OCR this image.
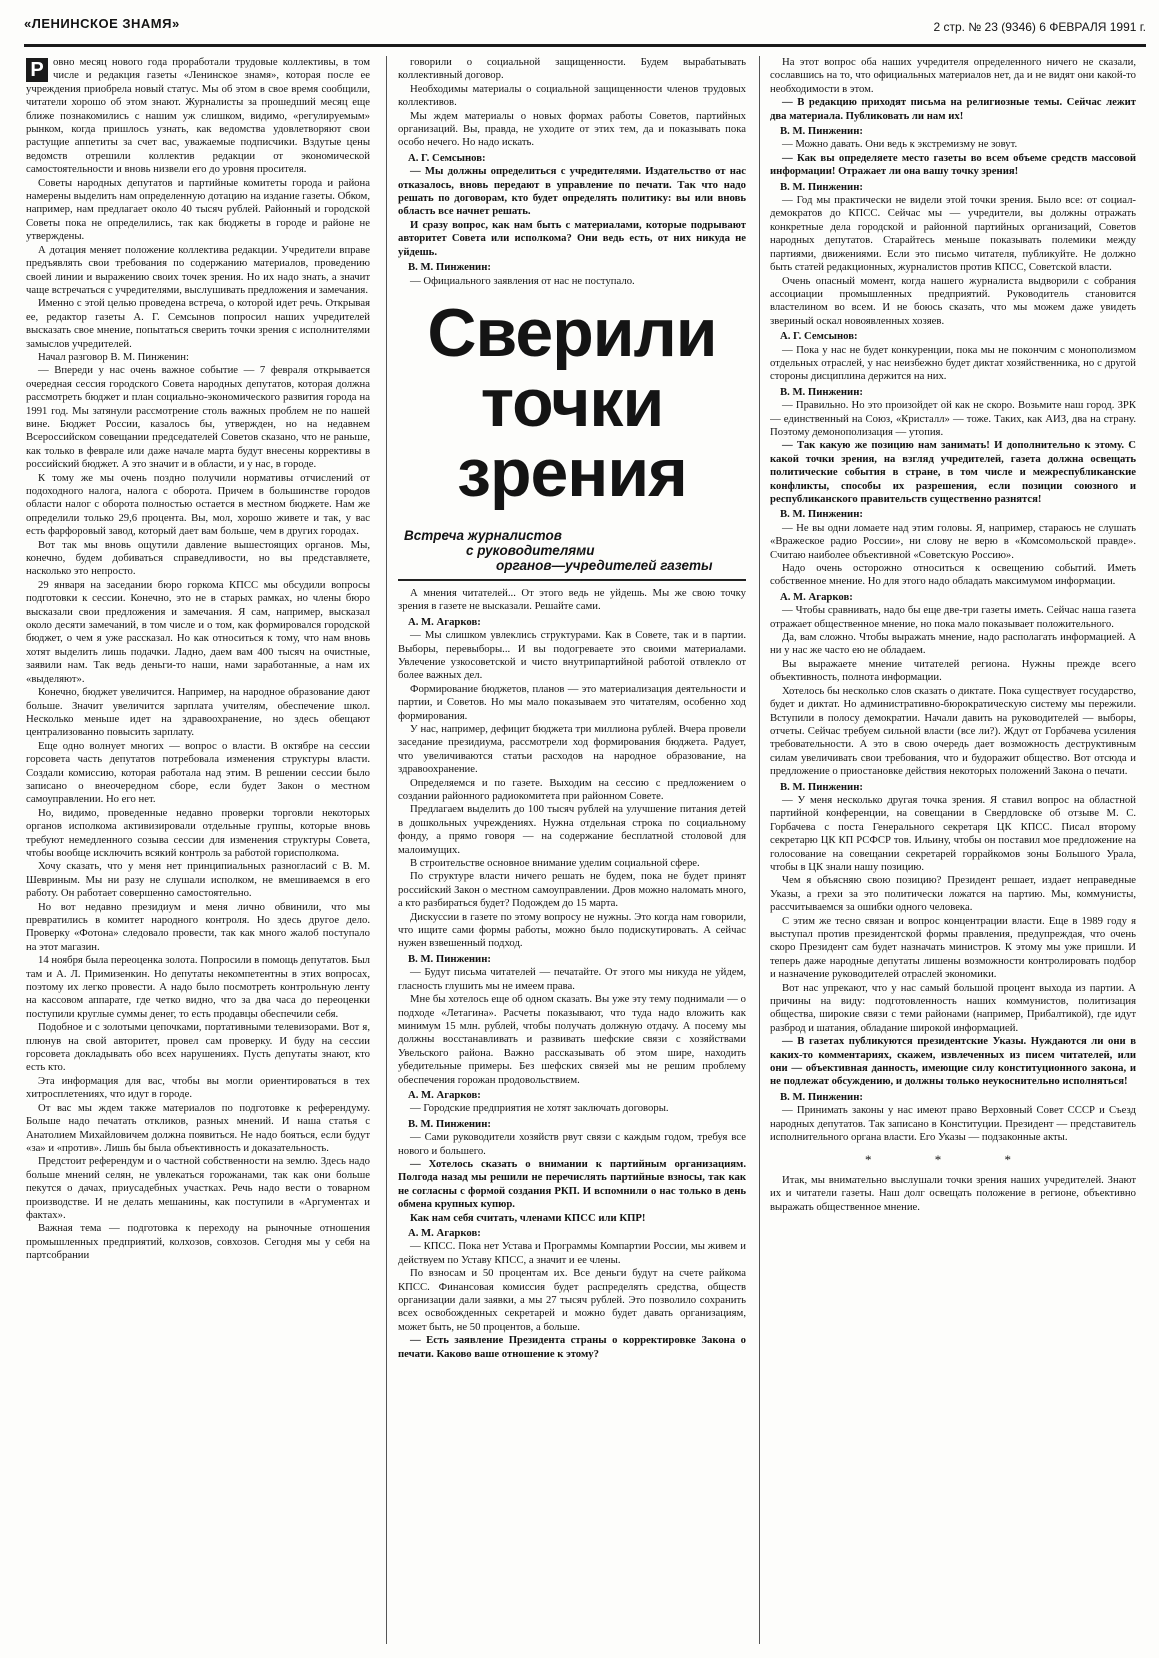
«ЛЕНИНСКОЕ ЗНАМЯ»	2 стр. № 23 (9346) 6 ФЕВРАЛЯ 1991 г.

Р овно месяц нового года проработали трудовые коллективы, в том числе и редакция газеты «Ленинское знамя», которая после ее учреждения приобрела новый статус. Мы об этом в свое время сообщили, читатели хорошо об этом знают. Журналисты за прошедший месяц еще ближе познакомились с нашим уж слишком, видимо, «регулируемым» рынком, когда пришлось узнать, как ведомства удовлетворяют свои растущие аппетиты за счет вас, уважаемые подписчики. Вздутые цены ведомств отрешили коллектив редакции от экономической самостоятельности и вновь низвели его до уровня просителя.

Советы народных депутатов и партийные комитеты города и района намерены выделить нам определенную дотацию на издание газеты. Обком, например, нам предлагает около 40 тысяч рублей. Районный и городской Советы пока не определились, так как бюджеты в городе и районе не утверждены.

А дотация меняет положение коллектива редакции. Учредители вправе предъявлять свои требования по содержанию материалов, проведению своей линии и выражению своих точек зрения. Но их надо знать, а значит чаще встречаться с учредителями, выслушивать предложения и замечания.

Именно с этой целью проведена встреча, о которой идет речь. Открывая ее, редактор газеты А. Г. Семсынов попросил наших учредителей высказать свое мнение, попытаться сверить точки зрения с исполнителями замыслов учредителей.

Начал разговор В. М. Пинженин:

— Впереди у нас очень важное событие — 7 февраля открывается очередная сессия городского Совета народных депутатов, которая должна рассмотреть бюджет и план социально-экономического развития города на 1991 год. Мы затянули рассмотрение столь важных проблем не по нашей вине. Бюджет России, казалось бы, утвержден, но на недавнем Всероссийском совещании председателей Советов сказано, что не раньше, как только в феврале или даже начале марта будут внесены коррективы в российский бюджет. А это значит и в области, и у нас, в городе.

К тому же мы очень поздно получили нормативы отчислений от подоходного налога, налога с оборота. Причем в большинстве городов области налог с оборота полностью остается в местном бюджете. Нам же определили только 29,6 процента. Вы, мол, хорошо живете и так, у вас есть фарфоровый завод, который дает вам больше, чем в других городах.

Вот так мы вновь ощутили давление вышестоящих органов. Мы, конечно, будем добиваться справедливости, но вы представляете, насколько это непросто.

29 января на заседании бюро горкома КПСС мы обсудили вопросы подготовки к сессии. Конечно, это не в старых рамках, но члены бюро высказали свои предложения и замечания. Я сам, например, высказал около десяти замечаний, в том числе и о том, как формировался городской бюджет, о чем я уже рассказал. Но как относиться к тому, что нам вновь хотят выделить лишь подачки. Ладно, даем вам 400 тысяч на очистные, заявили нам. Так ведь деньги-то наши, нами заработанные, а нам их «выделяют».

Конечно, бюджет увеличится. Например, на народное образование дают больше. Значит увеличится зарплата учителям, обеспечение школ. Несколько меньше идет на здравоохранение, но здесь обещают централизованно повысить зарплату.

Еще одно волнует многих — вопрос о власти. В октябре на сессии горсовета часть депутатов потребовала изменения структуры власти. Создали комиссию, которая работала над этим. В решении сессии было записано о внеочередном сборе, если будет Закон о местном самоуправлении. Но его нет.

Но, видимо, проведенные недавно проверки торговли некоторых органов исполкома активизировали отдельные группы, которые вновь требуют немедленного созыва сессии для изменения структуры Совета, чтобы вообще исключить всякий контроль за работой горисполкома.

Хочу сказать, что у меня нет принципиальных разногласий с В. М. Шевриным. Мы ни разу не слушали исполком, не вмешиваемся в его работу. Он работает совершенно самостоятельно.

Но вот недавно президиум и меня лично обвинили, что мы превратились в комитет народного контроля. Но здесь другое дело. Проверку «Фотона» следовало провести, так как много жалоб поступало на этот магазин.

14 ноября была переоценка золота. Попросили в помощь депутатов. Был там и А. Л. Примизенкин. Но депутаты некомпетентны в этих вопросах, поэтому их легко провести. А надо было посмотреть контрольную ленту на кассовом аппарате, где четко видно, что за два часа до переоценки поступили круглые суммы денег, то есть продавцы обеспечили себя.

Подобное и с золотыми цепочками, портативными телевизорами. Вот я, плюнув на свой авторитет, провел сам проверку. И буду на сессии горсовета докладывать обо всех нарушениях. Пусть депутаты знают, кто есть кто.

Эта информация для вас, чтобы вы могли ориентироваться в тех хитросплетениях, что идут в городе.

От вас мы ждем также материалов по подготовке к референдуму. Больше надо печатать откликов, разных мнений. И наша статья с Анатолием Михайловичем должна появиться. Не надо бояться, если будут «за» и «против». Лишь бы была объективность и доказательность.

Предстоит референдум и о частной собственности на землю. Здесь надо больше мнений селян, не увлекаться горожанами, так как они больше пекутся о дачах, приусадебных участках. Речь надо вести о товарном производстве. И не делать мешанины, как поступили в «Аргументах и фактах».

Важная тема — подготовка к переходу на рыночные отношения промышленных предприятий, колхозов, совхозов. Сегодня мы у себя на партсобрании

говорили о социальной защищенности. Будем вырабатывать коллективный договор.

Необходимы материалы о социальной защищенности членов трудовых коллективов.

Мы ждем материалы о новых формах работы Советов, партийных организаций. Вы, правда, не уходите от этих тем, да и показывать пока особо нечего. Но надо искать.

А. Г. Семсынов:

— Мы должны определиться с учредителями. Издательство от нас отказалось, вновь передают в управление по печати. Так что надо решать по договорам, кто будет определять политику: вы или вновь область все начнет решать.

И сразу вопрос, как нам быть с материалами, которые подрывают авторитет Совета или исполкома? Они ведь есть, от них никуда не уйдешь.

В. М. Пинженин:

— Официального заявления от нас не поступало.

Сверили точки зрения
Встреча журналистов
с руководителями
органов—учредителей газеты

А мнения читателей... От этого ведь не уйдешь. Мы же свою точку зрения в газете не высказали. Решайте сами.

А. М. Агарков:

— Мы слишком увлеклись структурами. Как в Совете, так и в партии. Выборы, перевыборы... И вы подогреваете это своими материалами. Увлечение узкосоветской и чисто внутрипартийной работой отвлекло от более важных дел.

Формирование бюджетов, планов — это материализация деятельности и партии, и Советов. Но мы мало показываем это читателям, особенно ход формирования.

У нас, например, дефицит бюджета три миллиона рублей. Вчера провели заседание президиума, рассмотрели ход формирования бюджета. Радует, что увеличиваются статьи расходов на народное образование, на здравоохранение.

Определяемся и по газете. Выходим на сессию с предложением о создании районного радиокомитета при районном Совете.

Предлагаем выделить до 100 тысяч рублей на улучшение питания детей в дошкольных учреждениях. Нужна отдельная строка по социальному фонду, а прямо говоря — на содержание бесплатной столовой для малоимущих.

В строительстве основное внимание уделим социальной сфере.

По структуре власти ничего решать не будем, пока не будет принят российский Закон о местном самоуправлении. Дров можно наломать много, а кто разбираться будет? Подождем до 15 марта.

Дискуссии в газете по этому вопросу не нужны. Это когда нам говорили, что ищите сами формы работы, можно было подискутировать. А сейчас нужен взвешенный подход.

В. М. Пинженин:

— Будут письма читателей — печатайте. От этого мы никуда не уйдем, гласность глушить мы не имеем права.

Мне бы хотелось еще об одном сказать. Вы уже эту тему поднимали — о подходе «Летагина». Расчеты показывают, что туда надо вложить как минимум 15 млн. рублей, чтобы получать должную отдачу. А посему мы должны восстанавливать и развивать шефские связи с хозяйствами Увельского района. Важно рассказывать об этом шире, находить убедительные примеры. Без шефских связей мы не решим проблему обеспечения горожан продовольствием.

А. М. Агарков:

— Городские предприятия не хотят заключать договоры.

В. М. Пинженин:

— Сами руководители хозяйств рвут связи с каждым годом, требуя все нового и большего.

— Хотелось сказать о внимании к партийным организациям. Полгода назад мы решили не перечислять партийные взносы, так как не согласны с формой создания РКП. И вспомнили о нас только в день обмена крупных купюр.

Как нам себя считать, членами КПСС или КПР!

А. М. Агарков:

— КПСС. Пока нет Устава и Программы Компартии России, мы живем и действуем по Уставу КПСС, а значит и ее члены.

По взносам и 50 процентам их. Все деньги будут на счете райкома КПСС. Финансовая комиссия будет распределять средства, обществ организации дали заявки, а мы 27 тысяч рублей. Это позволило сохранить всех освобожденных секретарей и можно будет давать организациям, может быть, не 50 процентов, а больше.

— Есть заявление Президента страны о корректировке Закона о печати. Каково ваше отношение к этому?

На этот вопрос оба наших учредителя определенного ничего не сказали, сославшись на то, что официальных материалов нет, да и не видят они какой-то необходимости в этом.

— В редакцию приходят письма на религиозные темы. Сейчас лежит два материала. Публиковать ли нам их!

В. М. Пинженин:

— Можно давать. Они ведь к экстремизму не зовут.

— Как вы определяете место газеты во всем объеме средств массовой информации! Отражает ли она вашу точку зрения!

В. М. Пинженин:

— Год мы практически не видели этой точки зрения. Было все: от социал-демократов до КПСС. Сейчас мы — учредители, вы должны отражать конкретные дела городской и районной партийных организаций, Советов народных депутатов. Старайтесь меньше показывать полемики между партиями, движениями. Если это письмо читателя, публикуйте. Не должно быть статей редакционных, журналистов против КПСС, Советской власти.

Очень опасный момент, когда нашего журналиста выдворили с собрания ассоциации промышленных предприятий. Руководитель становится властелином во всем. И не боюсь сказать, что мы можем даже увидеть звериный оскал новоявленных хозяев.

А. Г. Семсынов:

— Пока у нас не будет конкуренции, пока мы не покончим с монополизмом отдельных отраслей, у нас неизбежно будет диктат хозяйственника, но с другой стороны дисциплина держится на них.

В. М. Пинженин:

— Правильно. Но это произойдет ой как не скоро. Возьмите наш город. ЗРК — единственный на Союз, «Кристалл» — тоже. Таких, как АИЗ, два на страну. Поэтому демонополизация — утопия.

— Так какую же позицию нам занимать! И дополнительно к этому. С какой точки зрения, на взгляд учредителей, газета должна освещать политические события в стране, в том числе и межреспубликанские конфликты, способы их разрешения, если позиции союзного и республиканского правительств существенно разнятся!

В. М. Пинженин:

— Не вы одни ломаете над этим головы. Я, например, стараюсь не слушать «Вражеское радио России», ни слову не верю в «Комсомольской правде». Считаю наиболее объективной «Советскую Россию».

Надо очень осторожно относиться к освещению событий. Иметь собственное мнение. Но для этого надо обладать максимумом информации.

А. М. Агарков:

— Чтобы сравнивать, надо бы еще две-три газеты иметь. Сейчас наша газета отражает общественное мнение, но пока мало показывает положительного.

Да, вам сложно. Чтобы выражать мнение, надо располагать информацией. А ни у нас же часто ею не обладаем.

Вы выражаете мнение читателей региона. Нужны прежде всего объективность, полнота информации.

Хотелось бы несколько слов сказать о диктате. Пока существует государство, будет и диктат. Но административно-бюрократическую систему мы пережили. Вступили в полосу демократии. Начали давить на руководителей — выборы, отчеты. Сейчас требуем сильной власти (все ли?). Ждут от Горбачева усиления требовательности. А это в свою очередь дает возможность деструктивным силам увеличивать свои требования, что и будоражит общество. Вот отсюда и предложение о приостановке действия некоторых положений Закона о печати.

В. М. Пинженин:

— У меня несколько другая точка зрения. Я ставил вопрос на областной партийной конференции, на совещании в Свердловске об отзыве М. С. Горбачева с поста Генерального секретаря ЦК КПСС. Писал второму секретарю ЦК КП РСФСР тов. Ильину, чтобы он поставил мое предложение на голосование на совещании секретарей горрайкомов зоны Большого Урала, чтобы в ЦК знали нашу позицию.

Чем я объясняю свою позицию? Президент решает, издает неправедные Указы, а грехи за это политически ложатся на партию. Мы, коммунисты, рассчитываемся за ошибки одного человека.

С этим же тесно связан и вопрос концентрации власти. Еще в 1989 году я выступал против президентской формы правления, предупреждая, что очень скоро Президент сам будет назначать министров. К этому мы уже пришли. И теперь даже народные депутаты лишены возможности контролировать подбор и назначение руководителей отраслей экономики.

Вот нас упрекают, что у нас самый большой процент выхода из партии. А причины на виду: подготовленность наших коммунистов, политизация общества, широкие связи с теми районами (например, Прибалтикой), где идут разброд и шатания, обладание широкой информацией.

— В газетах публикуются президентские Указы. Нуждаются ли они в каких-то комментариях, скажем, извлеченных из писем читателей, или они — объективная данность, имеющие силу конституционного закона, и не подлежат обсуждению, и должны только неукоснительно исполняться!

В. М. Пинженин:

— Принимать законы у нас имеют право Верховный Совет СССР и Съезд народных депутатов. Так записано в Конституции. Президент — представитель исполнительного органа власти. Его Указы — подзаконные акты.

* * *

Итак, мы внимательно выслушали точки зрения наших учредителей. Знают их и читатели газеты. Наш долг освещать положение в регионе, объективно выражать общественное мнение.
